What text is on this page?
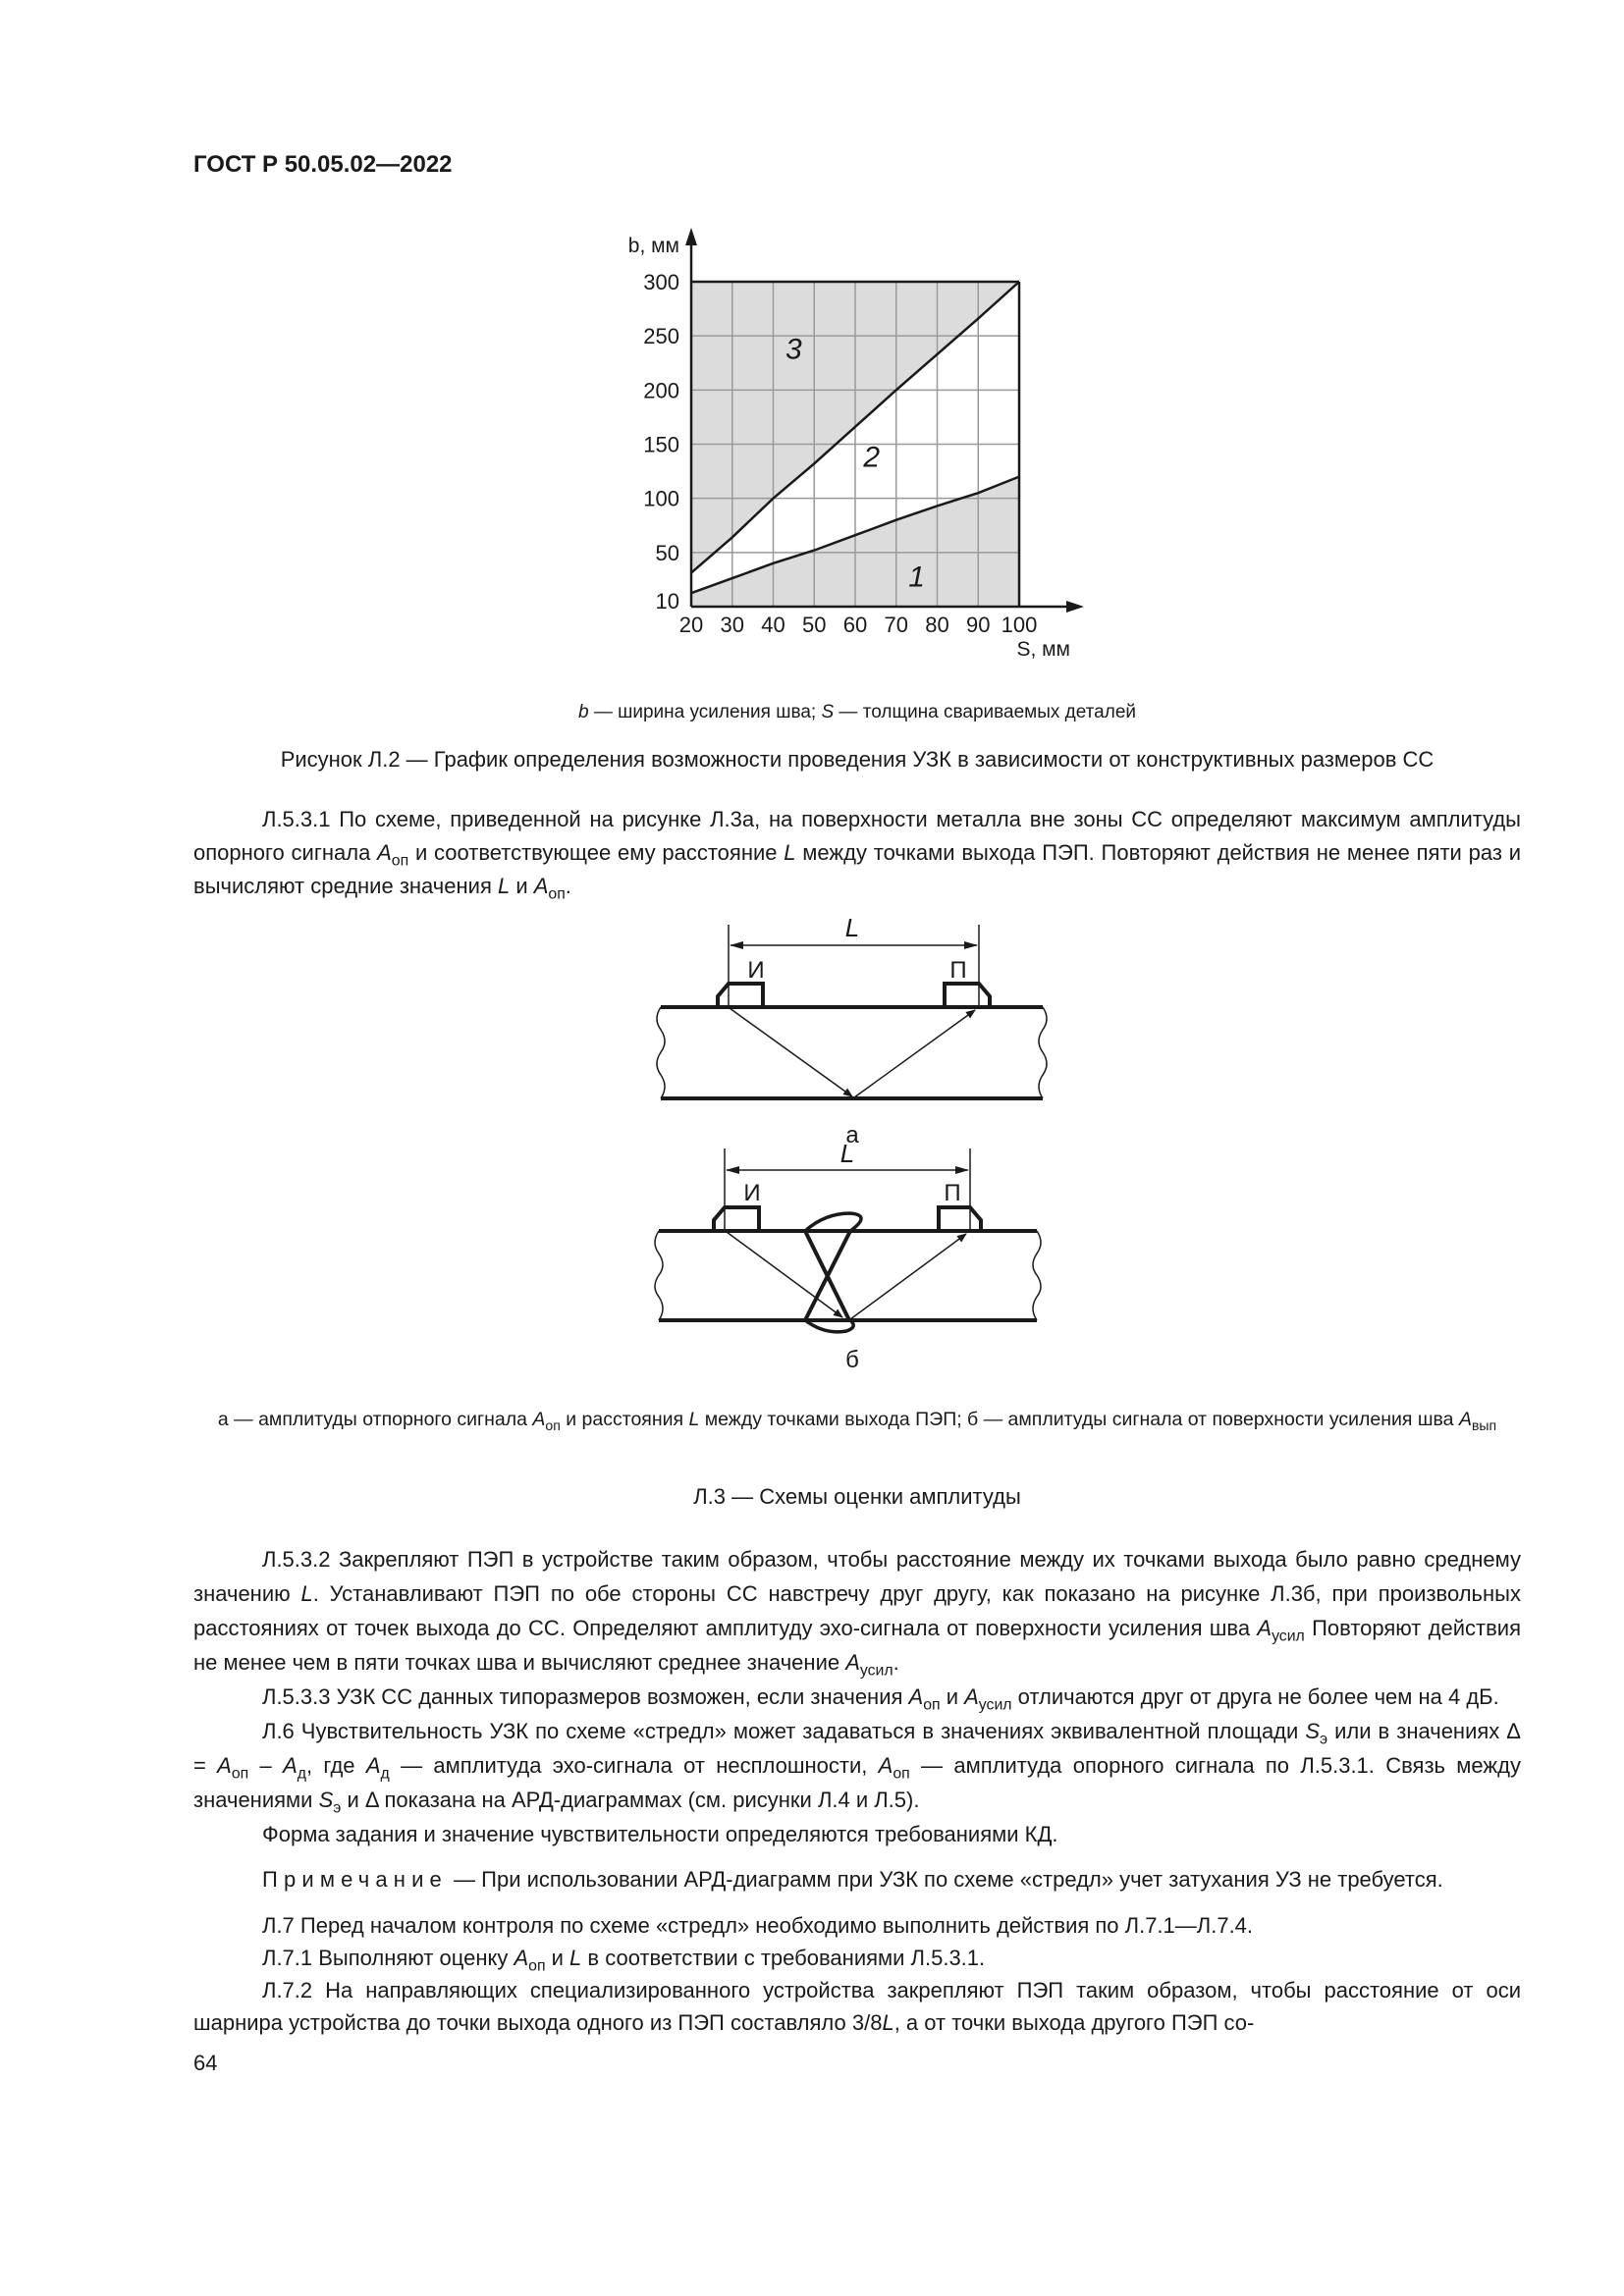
ГОСТ Р 50.05.02—2022
10
50
100
150
200
250
300
20 30 40 50 60 70 80 90 100
b, мм
S, мм
3
2
1
b — ширина усиления шва; S — толщина свариваемых деталей
Рисунок Л.2 — График определения возможности проведения УЗК в зависимости от конструктивных размеров СС
Л.5.3.1 По схеме, приведенной на рисунке Л.3а, на поверхности металла вне зоны СС определяют максимум амплитуды опорного сигнала $A_{оп}$ и соответствующее ему расстояние L между точками выхода ПЭП. Повторяют действия не менее пяти раз и вычисляют средние значения L и $A_{оп}$.
L
И	П
а
L
И	П
б
а — амплитуды отпорного сигнала $A_{оп}$ и расстояния L между точками выхода ПЭП; б — амплитуды сигнала от поверхности усиления шва $A_{вып}$
Л.3 — Схемы оценки амплитуды
Л.5.3.2 Закрепляют ПЭП в устройстве таким образом, чтобы расстояние между их точками выхода было равно среднему значению L. Устанавливают ПЭП по обе стороны СС навстречу друг другу, как показано на рисунке Л.3б, при произвольных расстояниях от точек выхода до СС. Определяют амплитуду эхо-сигнала от поверхности усиления шва $A_{усил}$ Повторяют действия не менее чем в пяти точках шва и вычисляют среднее значение $A_{усил}$.
Л.5.3.3 УЗК СС данных типоразмеров возможен, если значения $A_{оп}$ и $A_{усил}$ отличаются друг от друга не более чем на 4 дБ.
Л.6 Чувствительность УЗК по схеме «стредл» может задаваться в значениях эквивалентной площади $S_э$ или в значениях $\Delta = A_{оп} - A_д$, где $A_д$ — амплитуда эхо-сигнала от несплошности, $A_{оп}$ — амплитуда опорного сигнала по Л.5.3.1. Связь между значениями $S_э$ и Δ показана на АРД-диаграммах (см. рисунки Л.4 и Л.5).
Форма задания и значение чувствительности определяются требованиями КД.
Примечание — При использовании АРД-диаграмм при УЗК по схеме «стредл» учет затухания УЗ не требуется.
Л.7 Перед началом контроля по схеме «стредл» необходимо выполнить действия по Л.7.1—Л.7.4.
Л.7.1 Выполняют оценку $A_{оп}$ и L в соответствии с требованиями Л.5.3.1.
Л.7.2 На направляющих специализированного устройства закрепляют ПЭП таким образом, чтобы расстояние от оси шарнира устройства до точки выхода одного из ПЭП составляло 3/8L, а от точки выхода другого ПЭП со-
64
